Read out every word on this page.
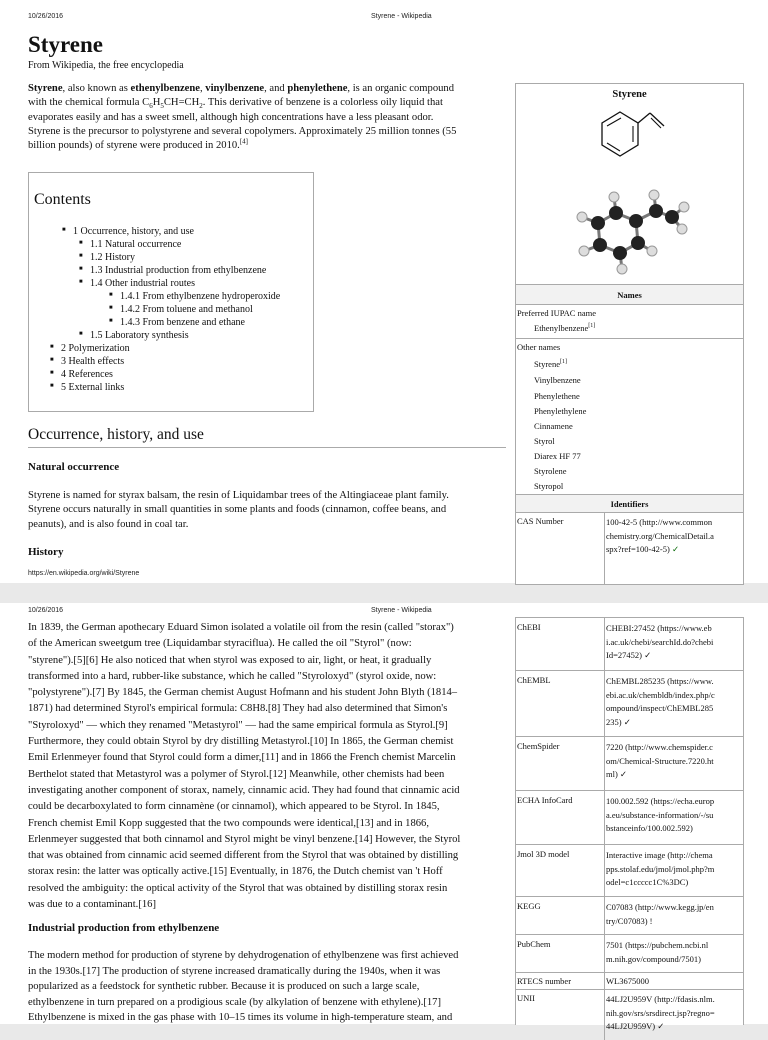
10/26/2016	Styrene - Wikipedia
Styrene
From Wikipedia, the free encyclopedia
Styrene, also known as ethenylbenzene, vinylbenzene, and phenylethene, is an organic compound
with the chemical formula $C_6H_5CH=CH_2$. This derivative of benzene is a colorless oily liquid that
evaporates easily and has a sweet smell, although high concentrations have a less pleasant odor.
Styrene is the precursor to polystyrene and several copolymers. Approximately 25 million tonnes (55
billion pounds) of styrene were produced in 2010.[4]
Contents
■ 1 Occurrence, history, and use
■ 1.1 Natural occurrence
■ 1.2 History
■ 1.3 Industrial production from ethylbenzene
■ 1.4 Other industrial routes
■ 1.4.1 From ethylbenzene hydroperoxide
■ 1.4.2 From toluene and methanol
■ 1.4.3 From benzene and ethane
■ 1.5 Laboratory synthesis
■ 2 Polymerization
■ 3 Health effects
■ 4 References
■ 5 External links
Occurrence, history, and use
Natural occurrence
Styrene is named for styrax balsam, the resin of Liquidambar trees of the Altingiaceae plant family.
Styrene occurs naturally in small quantities in some plants and foods (cinnamon, coffee beans, and
peanuts), and is also found in coal tar.
History
https://en.wikipedia.org/wiki/Styrene
Styrene
Names
Preferred IUPAC name
Ethenylbenzene[1]
Other names
Styrene[1]
Vinylbenzene
Phenylethene
Phenylethylene
Cinnamene
Styrol
Diarex HF 77
Styrolene
Styropol
Identifiers
CAS Number	100-42-5 (http://www.common
chemistry.org/ChemicalDetail.a
spx?ref=100-42-5) ✓
10/26/2016	Styrene - Wikipedia
In 1839, the German apothecary Eduard Simon isolated a volatile oil from the resin (called "storax")
of the American sweetgum tree (Liquidambar styraciflua). He called the oil "Styrol" (now:
"styrene").[5][6] He also noticed that when styrol was exposed to air, light, or heat, it gradually
transformed into a hard, rubber-like substance, which he called "Styroloxyd" (styrol oxide, now:
"polystyrene").[7] By 1845, the German chemist August Hofmann and his student John Blyth (1814–
1871) had determined Styrol's empirical formula: C8H8.[8] They had also determined that Simon's
"Styroloxyd" — which they renamed "Metastyrol" — had the same empirical formula as Styrol.[9]
Furthermore, they could obtain Styrol by dry distilling Metastyrol.[10] In 1865, the German chemist
Emil Erlenmeyer found that Styrol could form a dimer,[11] and in 1866 the French chemist Marcelin
Berthelot stated that Metastyrol was a polymer of Styrol.[12] Meanwhile, other chemists had been
investigating another component of storax, namely, cinnamic acid. They had found that cinnamic acid
could be decarboxylated to form cinnamène (or cinnamol), which appeared to be Styrol. In 1845,
French chemist Emil Kopp suggested that the two compounds were identical,[13] and in 1866,
Erlenmeyer suggested that both cinnamol and Styrol might be vinyl benzene.[14] However, the Styrol
that was obtained from cinnamic acid seemed different from the Styrol that was obtained by distilling
storax resin: the latter was optically active.[15] Eventually, in 1876, the Dutch chemist van 't Hoff
resolved the ambiguity: the optical activity of the Styrol that was obtained by distilling storax resin
was due to a contaminant.[16]
Industrial production from ethylbenzene
The modern method for production of styrene by dehydrogenation of ethylbenzene was first achieved
in the 1930s.[17] The production of styrene increased dramatically during the 1940s, when it was
popularized as a feedstock for synthetic rubber. Because it is produced on such a large scale,
ethylbenzene in turn prepared on a prodigious scale (by alkylation of benzene with ethylene).[17]
Ethylbenzene is mixed in the gas phase with 10–15 times its volume in high-temperature steam, and
ChEBI	CHEBI:27452 (https://www.eb
i.ac.uk/chebi/searchId.do?chebi
Id=27452) ✓
ChEMBL	ChEMBL285235 (https://www.
ebi.ac.uk/chembldb/index.php/c
ompound/inspect/ChEMBL285
235) ✓
ChemSpider	7220 (http://www.chemspider.c
om/Chemical-Structure.7220.ht
ml) ✓
ECHA InfoCard	100.002.592 (https://echa.europ
a.eu/substance-information/-/su
bstanceinfo/100.002.592)
Jmol 3D model	Interactive image (http://chema
pps.stolaf.edu/jmol/jmol.php?m
odel=c1ccccc1C%3DC)
KEGG	C07083 (http://www.kegg.jp/en
try/C07083) !
PubChem	7501 (https://pubchem.ncbi.nl
m.nih.gov/compound/7501)
RTECS number	WL3675000
UNII	44LJ2U959V (http://fdasis.nlm.
nih.gov/srs/srsdirect.jsp?regno=
44LJ2U959V) ✓
